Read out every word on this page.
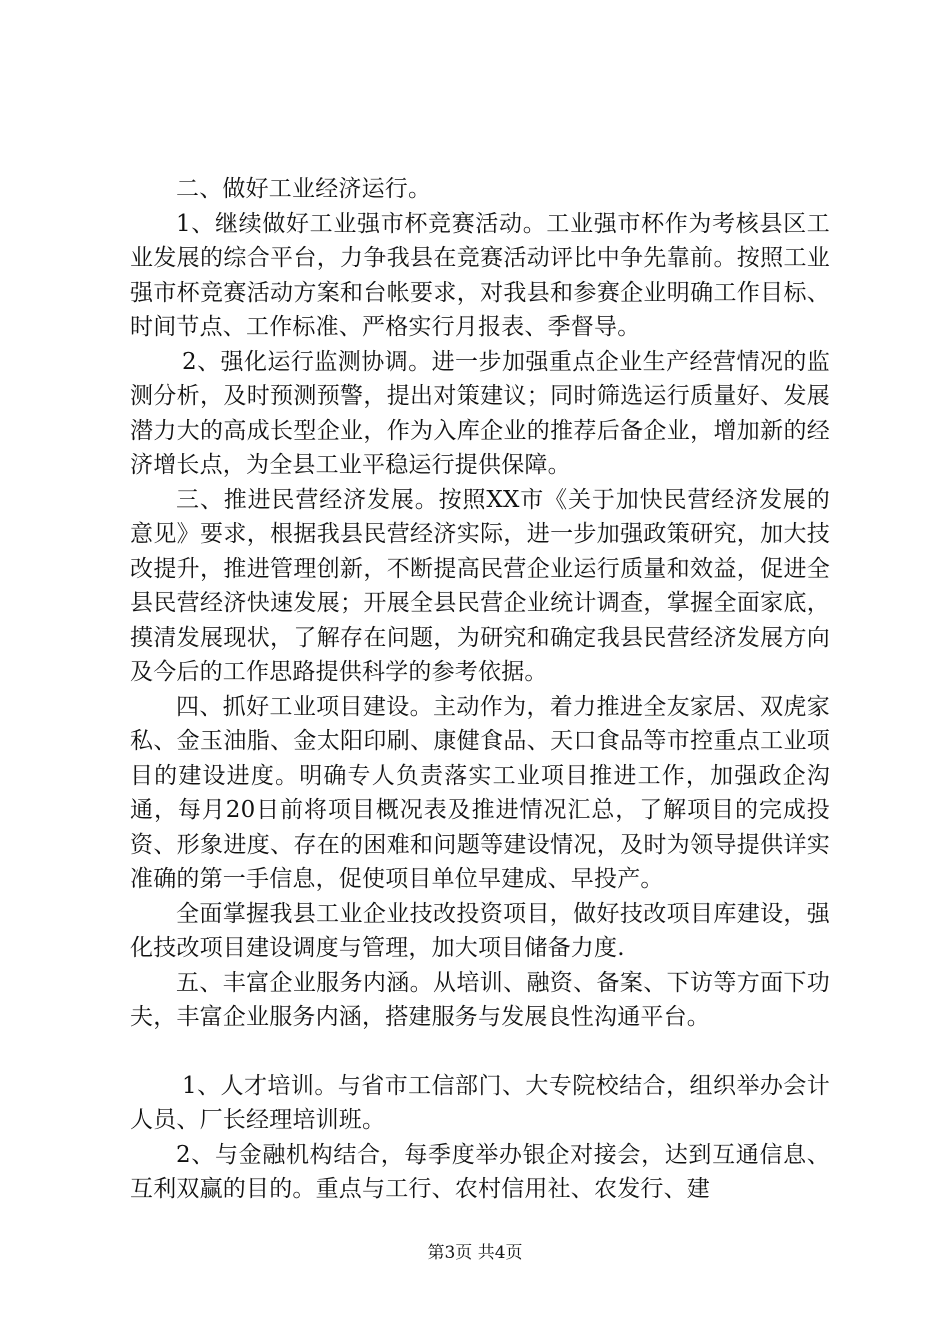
二、做好工业经济运行。

1、继续做好工业强市杯竞赛活动。工业强市杯作为考核县区工业发展的综合平台，力争我县在竞赛活动评比中争先靠前。按照工业强市杯竞赛活动方案和台帐要求，对我县和参赛企业明确工作目标、时间节点、工作标准、严格实行月报表、季督导。

2、强化运行监测协调。进一步加强重点企业生产经营情况的监测分析，及时预测预警，提出对策建议；同时筛选运行质量好、发展潜力大的高成长型企业，作为入库企业的推荐后备企业，增加新的经济增长点，为全县工业平稳运行提供保障。

三、推进民营经济发展。按照XX市《关于加快民营经济发展的意见》要求，根据我县民营经济实际，进一步加强政策研究，加大技改提升，推进管理创新，不断提高民营企业运行质量和效益，促进全县民营经济快速发展；开展全县民营企业统计调查，掌握全面家底，摸清发展现状，了解存在问题，为研究和确定我县民营经济发展方向及今后的工作思路提供科学的参考依据。

四、抓好工业项目建设。主动作为，着力推进全友家居、双虎家私、金玉油脂、金太阳印刷、康健食品、天口食品等市控重点工业项目的建设进度。明确专人负责落实工业项目推进工作，加强政企沟通，每月20日前将项目概况表及推进情况汇总，了解项目的完成投资、形象进度、存在的困难和问题等建设情况，及时为领导提供详实准确的第一手信息，促使项目单位早建成、早投产。

全面掌握我县工业企业技改投资项目，做好技改项目库建设，强化技改项目建设调度与管理，加大项目储备力度.

五、丰富企业服务内涵。从培训、融资、备案、下访等方面下功夫，丰富企业服务内涵，搭建服务与发展良性沟通平台。

1、人才培训。与省市工信部门、大专院校结合，组织举办会计人员、厂长经理培训班。

2、与金融机构结合，每季度举办银企对接会，达到互通信息、互利双赢的目的。重点与工行、农村信用社、农发行、建

第3页 共4页
